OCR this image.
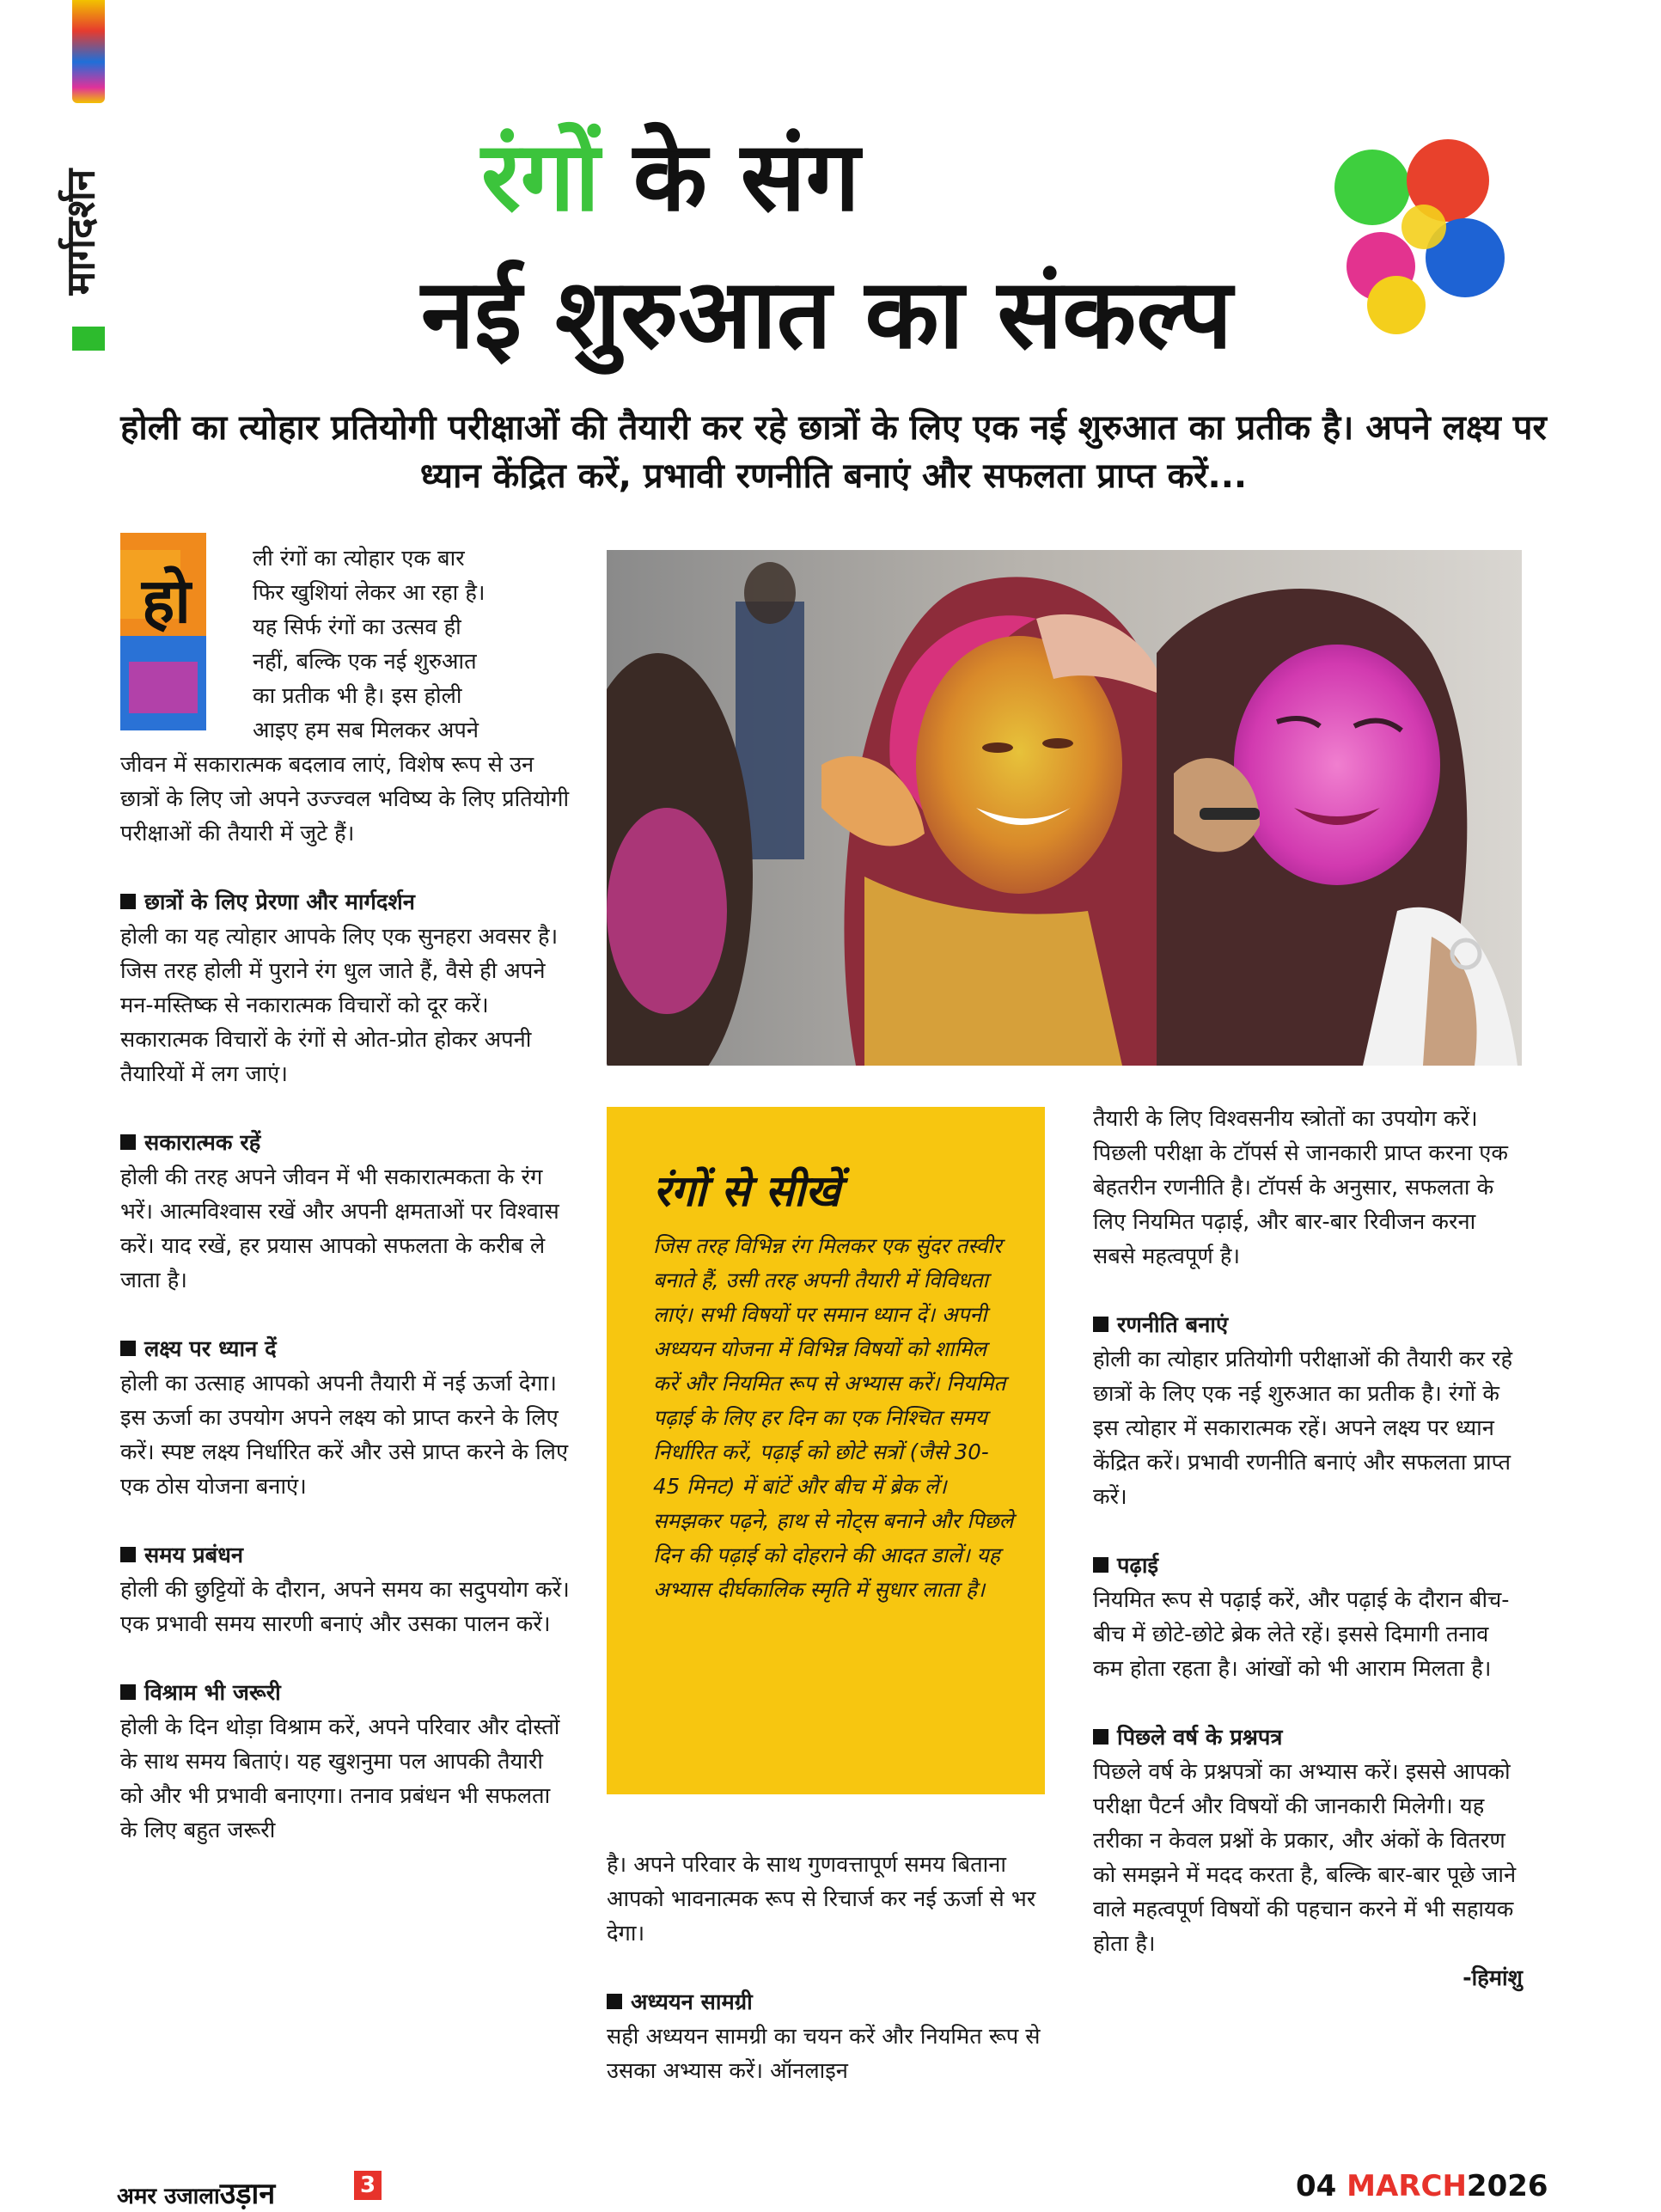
मार्गदर्शन	रंगों के संग
नई शुरुआत का संकल्प
होली का त्योहार प्रतियोगी परीक्षाओं की तैयारी कर रहे छात्रों के लिए एक नई शुरुआत का प्रतीक है। अपने लक्ष्य पर ध्यान केंद्रित करें, प्रभावी रणनीति बनाएं और सफलता प्राप्त करें...
हो

ली रंगों का त्योहार एक बार

फिर खुशियां लेकर आ रहा है।

यह सिर्फ रंगों का उत्सव ही

नहीं, बल्कि एक नई शुरुआत

का प्रतीक भी है। इस होली

आइए हम सब मिलकर अपने

जीवन में सकारात्मक बदलाव लाएं, विशेष रूप से उन छात्रों के लिए जो अपने उज्ज्वल भविष्य के लिए प्रतियोगी परीक्षाओं की तैयारी में जुटे हैं।

छात्रों के लिए प्रेरणा और मार्गदर्शन

होली का यह त्योहार आपके लिए एक सुनहरा अवसर है। जिस तरह होली में पुराने रंग धुल जाते हैं, वैसे ही अपने मन-मस्तिष्क से नकारात्मक विचारों को दूर करें। सकारात्मक विचारों के रंगों से ओत-प्रोत होकर अपनी तैयारियों में लग जाएं।

सकारात्मक रहें

होली की तरह अपने जीवन में भी सकारात्मकता के रंग भरें। आत्मविश्वास रखें और अपनी क्षमताओं पर विश्वास करें। याद रखें, हर प्रयास आपको सफलता के करीब ले जाता है।

लक्ष्य पर ध्यान दें

होली का उत्साह आपको अपनी तैयारी में नई ऊर्जा देगा। इस ऊर्जा का उपयोग अपने लक्ष्य को प्राप्त करने के लिए करें। स्पष्ट लक्ष्य निर्धारित करें और उसे प्राप्त करने के लिए एक ठोस योजना बनाएं।

समय प्रबंधन

होली की छुट्टियों के दौरान, अपने समय का सदुपयोग करें। एक प्रभावी समय सारणी बनाएं और उसका पालन करें।

विश्राम भी जरूरी

होली के दिन थोड़ा विश्राम करें, अपने परिवार और दोस्तों के साथ समय बिताएं। यह खुशनुमा पल आपकी तैयारी को और भी प्रभावी बनाएगा। तनाव प्रबंधन भी सफलता के लिए बहुत जरूरी

रंगों से सीखें
जिस तरह विभिन्न रंग मिलकर एक सुंदर तस्वीर बनाते हैं, उसी तरह अपनी तैयारी में विविधता लाएं। सभी विषयों पर समान ध्यान दें। अपनी अध्ययन योजना में विभिन्न विषयों को शामिल करें और नियमित रूप से अभ्यास करें। नियमित पढ़ाई के लिए हर दिन का एक निश्चित समय निर्धारित करें, पढ़ाई को छोटे सत्रों (जैसे 30-45 मिनट) में बांटें और बीच में ब्रेक लें। समझकर पढ़ने, हाथ से नोट्स बनाने और पिछले दिन की पढ़ाई को दोहराने की आदत डालें। यह अभ्यास दीर्घकालिक स्मृति में सुधार लाता है।

है। अपने परिवार के साथ गुणवत्तापूर्ण समय बिताना आपको भावनात्मक रूप से रिचार्ज कर नई ऊर्जा से भर देगा।

अध्ययन सामग्री

सही अध्ययन सामग्री का चयन करें और नियमित रूप से उसका अभ्यास करें। ऑनलाइन

तैयारी के लिए विश्वसनीय स्त्रोतों का उपयोग करें। पिछली परीक्षा के टॉपर्स से जानकारी प्राप्त करना एक बेहतरीन रणनीति है। टॉपर्स के अनुसार, सफलता के लिए नियमित पढ़ाई, और बार-बार रिवीजन करना सबसे महत्वपूर्ण है।

रणनीति बनाएं

होली का त्योहार प्रतियोगी परीक्षाओं की तैयारी कर रहे छात्रों के लिए एक नई शुरुआत का प्रतीक है। रंगों के इस त्योहार में सकारात्मक रहें। अपने लक्ष्य पर ध्यान केंद्रित करें। प्रभावी रणनीति बनाएं और सफलता प्राप्त करें।

पढ़ाई

नियमित रूप से पढ़ाई करें, और पढ़ाई के दौरान बीच-बीच में छोटे-छोटे ब्रेक लेते रहें। इससे दिमागी तनाव कम होता रहता है। आंखों को भी आराम मिलता है।

पिछले वर्ष के प्रश्नपत्र

पिछले वर्ष के प्रश्नपत्रों का अभ्यास करें। इससे आपको परीक्षा पैटर्न और विषयों की जानकारी मिलेगी। यह तरीका न केवल प्रश्नों के प्रकार, और अंकों के वितरण को समझने में मदद करता है, बल्कि बार-बार पूछे जाने वाले महत्वपूर्ण विषयों की पहचान करने में भी सहायक होता है।

-हिमांशु

अमर उजालाउड़ान	3	04 MARCH2026
